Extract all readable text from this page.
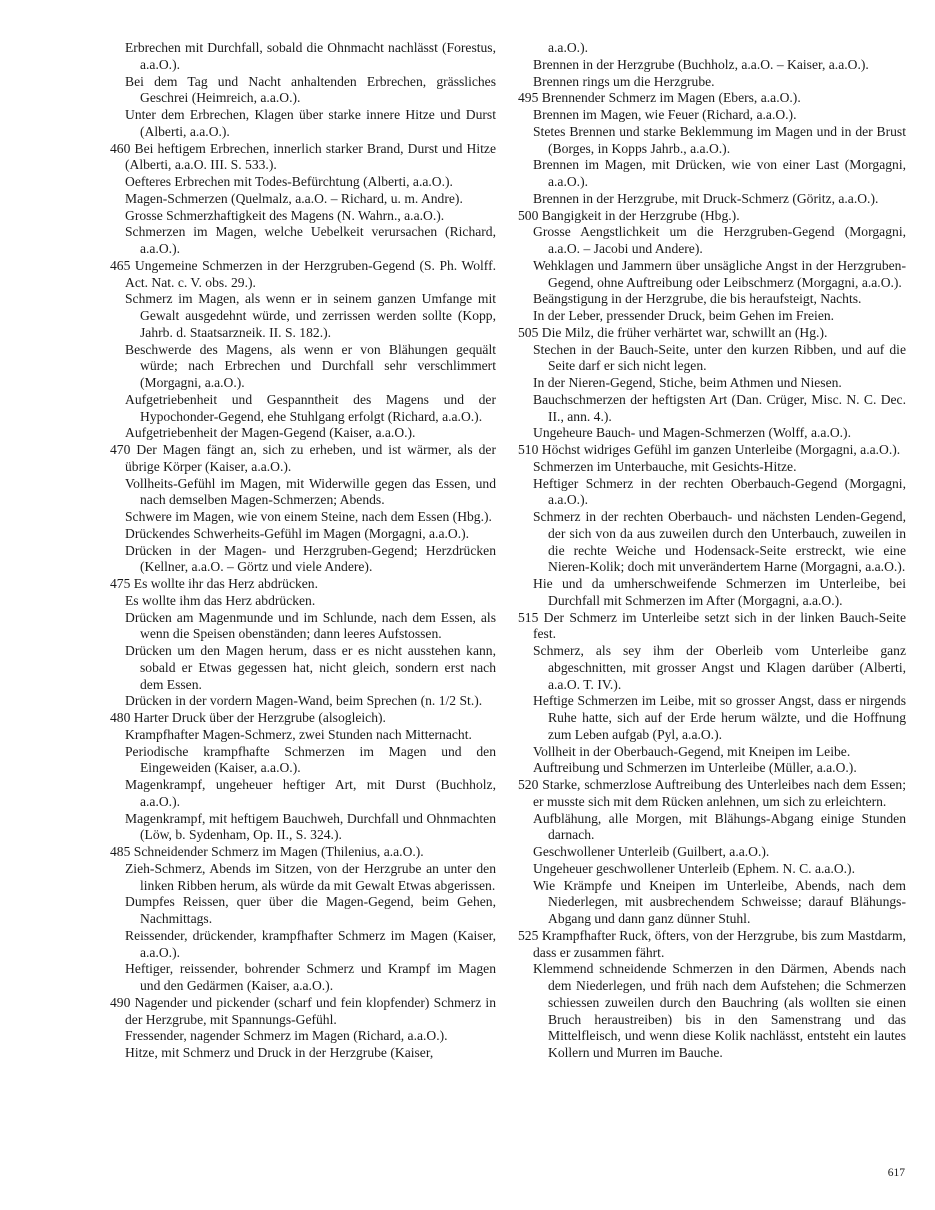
Erbrechen mit Durchfall, sobald die Ohnmacht nachlässt (Forestus, a.a.O.).

Bei dem Tag und Nacht anhaltenden Erbrechen, grässliches Geschrei (Heimreich, a.a.O.).

Unter dem Erbrechen, Klagen über starke innere Hitze und Durst (Alberti, a.a.O.).

460 Bei heftigem Erbrechen, innerlich starker Brand, Durst und Hitze (Alberti, a.a.O. III. S. 533.).

Oefteres Erbrechen mit Todes-Befürchtung (Alberti, a.a.O.).

Magen-Schmerzen (Quelmalz, a.a.O. – Richard, u. m. Andre).

Grosse Schmerzhaftigkeit des Magens (N. Wahrn., a.a.O.).

Schmerzen im Magen, welche Uebelkeit verursachen (Richard, a.a.O.).

465 Ungemeine Schmerzen in der Herzgruben-Gegend (S. Ph. Wolff. Act. Nat. c. V. obs. 29.).

Schmerz im Magen, als wenn er in seinem ganzen Umfange mit Gewalt ausgedehnt würde, und zerrissen werden sollte (Kopp, Jahrb. d. Staatsarzneik. II. S. 182.).

Beschwerde des Magens, als wenn er von Blähungen gequält würde; nach Erbrechen und Durchfall sehr verschlimmert (Morgagni, a.a.O.).

Aufgetriebenheit und Gespanntheit des Magens und der Hypochonder-Gegend, ehe Stuhlgang erfolgt (Richard, a.a.O.).

Aufgetriebenheit der Magen-Gegend (Kaiser, a.a.O.).

470 Der Magen fängt an, sich zu erheben, und ist wärmer, als der übrige Körper (Kaiser, a.a.O.).

Vollheits-Gefühl im Magen, mit Widerwille gegen das Essen, und nach demselben Magen-Schmerzen; Abends.

Schwere im Magen, wie von einem Steine, nach dem Essen (Hbg.).

Drückendes Schwerheits-Gefühl im Magen (Morgagni, a.a.O.).

Drücken in der Magen- und Herzgruben-Gegend; Herzdrücken (Kellner, a.a.O. – Görtz und viele Andere).

475 Es wollte ihr das Herz abdrücken.

Es wollte ihm das Herz abdrücken.

Drücken am Magenmunde und im Schlunde, nach dem Essen, als wenn die Speisen obenständen; dann leeres Aufstossen.

Drücken um den Magen herum, dass er es nicht ausstehen kann, sobald er Etwas gegessen hat, nicht gleich, sondern erst nach dem Essen.

Drücken in der vordern Magen-Wand, beim Sprechen (n. 1/2 St.).

480 Harter Druck über der Herzgrube (alsogleich).

Krampfhafter Magen-Schmerz, zwei Stunden nach Mitternacht.

Periodische krampfhafte Schmerzen im Magen und den Eingeweiden (Kaiser, a.a.O.).

Magenkrampf, ungeheuer heftiger Art, mit Durst (Buchholz, a.a.O.).

Magenkrampf, mit heftigem Bauchweh, Durchfall und Ohnmachten (Löw, b. Sydenham, Op. II., S. 324.).

485 Schneidender Schmerz im Magen (Thilenius, a.a.O.).

Zieh-Schmerz, Abends im Sitzen, von der Herzgrube an unter den linken Ribben herum, als würde da mit Gewalt Etwas abgerissen.

Dumpfes Reissen, quer über die Magen-Gegend, beim Gehen, Nachmittags.

Reissender, drückender, krampfhafter Schmerz im Magen (Kaiser, a.a.O.).

Heftiger, reissender, bohrender Schmerz und Krampf im Magen und den Gedärmen (Kaiser, a.a.O.).

490 Nagender und pickender (scharf und fein klopfender) Schmerz in der Herzgrube, mit Spannungs-Gefühl.

Fressender, nagender Schmerz im Magen (Richard, a.a.O.).

Hitze, mit Schmerz und Druck in der Herzgrube (Kaiser,

a.a.O.).

Brennen in der Herzgrube (Buchholz, a.a.O. – Kaiser, a.a.O.).

Brennen rings um die Herzgrube.

495 Brennender Schmerz im Magen (Ebers, a.a.O.).

Brennen im Magen, wie Feuer (Richard, a.a.O.).

Stetes Brennen und starke Beklemmung im Magen und in der Brust (Borges, in Kopps Jahrb., a.a.O.).

Brennen im Magen, mit Drücken, wie von einer Last (Morgagni, a.a.O.).

Brennen in der Herzgrube, mit Druck-Schmerz (Göritz, a.a.O.).

500 Bangigkeit in der Herzgrube (Hbg.).

Grosse Aengstlichkeit um die Herzgruben-Gegend (Morgagni, a.a.O. – Jacobi und Andere).

Wehklagen und Jammern über unsägliche Angst in der Herzgruben-Gegend, ohne Auftreibung oder Leibschmerz (Morgagni, a.a.O.).

Beängstigung in der Herzgrube, die bis heraufsteigt, Nachts.

In der Leber, pressender Druck, beim Gehen im Freien.

505 Die Milz, die früher verhärtet war, schwillt an (Hg.).

Stechen in der Bauch-Seite, unter den kurzen Ribben, und auf die Seite darf er sich nicht legen.

In der Nieren-Gegend, Stiche, beim Athmen und Niesen.

Bauchschmerzen der heftigsten Art (Dan. Crüger, Misc. N. C. Dec. II., ann. 4.).

Ungeheure Bauch- und Magen-Schmerzen (Wolff, a.a.O.).

510 Höchst widriges Gefühl im ganzen Unterleibe (Morgagni, a.a.O.).

Schmerzen im Unterbauche, mit Gesichts-Hitze.

Heftiger Schmerz in der rechten Oberbauch-Gegend (Morgagni, a.a.O.).

Schmerz in der rechten Oberbauch- und nächsten Lenden-Gegend, der sich von da aus zuweilen durch den Unterbauch, zuweilen in die rechte Weiche und Hodensack-Seite erstreckt, wie eine Nieren-Kolik; doch mit unverändertem Harne (Morgagni, a.a.O.).

Hie und da umherschweifende Schmerzen im Unterleibe, bei Durchfall mit Schmerzen im After (Morgagni, a.a.O.).

515 Der Schmerz im Unterleibe setzt sich in der linken Bauch-Seite fest.

Schmerz, als sey ihm der Oberleib vom Unterleibe ganz abgeschnitten, mit grosser Angst und Klagen darüber (Alberti, a.a.O. T. IV.).

Heftige Schmerzen im Leibe, mit so grosser Angst, dass er nirgends Ruhe hatte, sich auf der Erde herum wälzte, und die Hoffnung zum Leben aufgab (Pyl, a.a.O.).

Vollheit in der Oberbauch-Gegend, mit Kneipen im Leibe.

Auftreibung und Schmerzen im Unterleibe (Müller, a.a.O.).

520 Starke, schmerzlose Auftreibung des Unterleibes nach dem Essen; er musste sich mit dem Rücken anlehnen, um sich zu erleichtern.

Aufblähung, alle Morgen, mit Blähungs-Abgang einige Stunden darnach.

Geschwollener Unterleib (Guilbert, a.a.O.).

Ungeheuer geschwollener Unterleib (Ephem. N. C. a.a.O.).

Wie Krämpfe und Kneipen im Unterleibe, Abends, nach dem Niederlegen, mit ausbrechendem Schweisse; darauf Blähungs-Abgang und dann ganz dünner Stuhl.

525 Krampfhafter Ruck, öfters, von der Herzgrube, bis zum Mastdarm, dass er zusammen fährt.

Klemmend schneidende Schmerzen in den Därmen, Abends nach dem Niederlegen, und früh nach dem Aufstehen; die Schmerzen schiessen zuweilen durch den Bauchring (als wollten sie einen Bruch heraustreiben) bis in den Samenstrang und das Mittelfleisch, und wenn diese Kolik nachlässt, entsteht ein lautes Kollern und Murren im Bauche.

617
